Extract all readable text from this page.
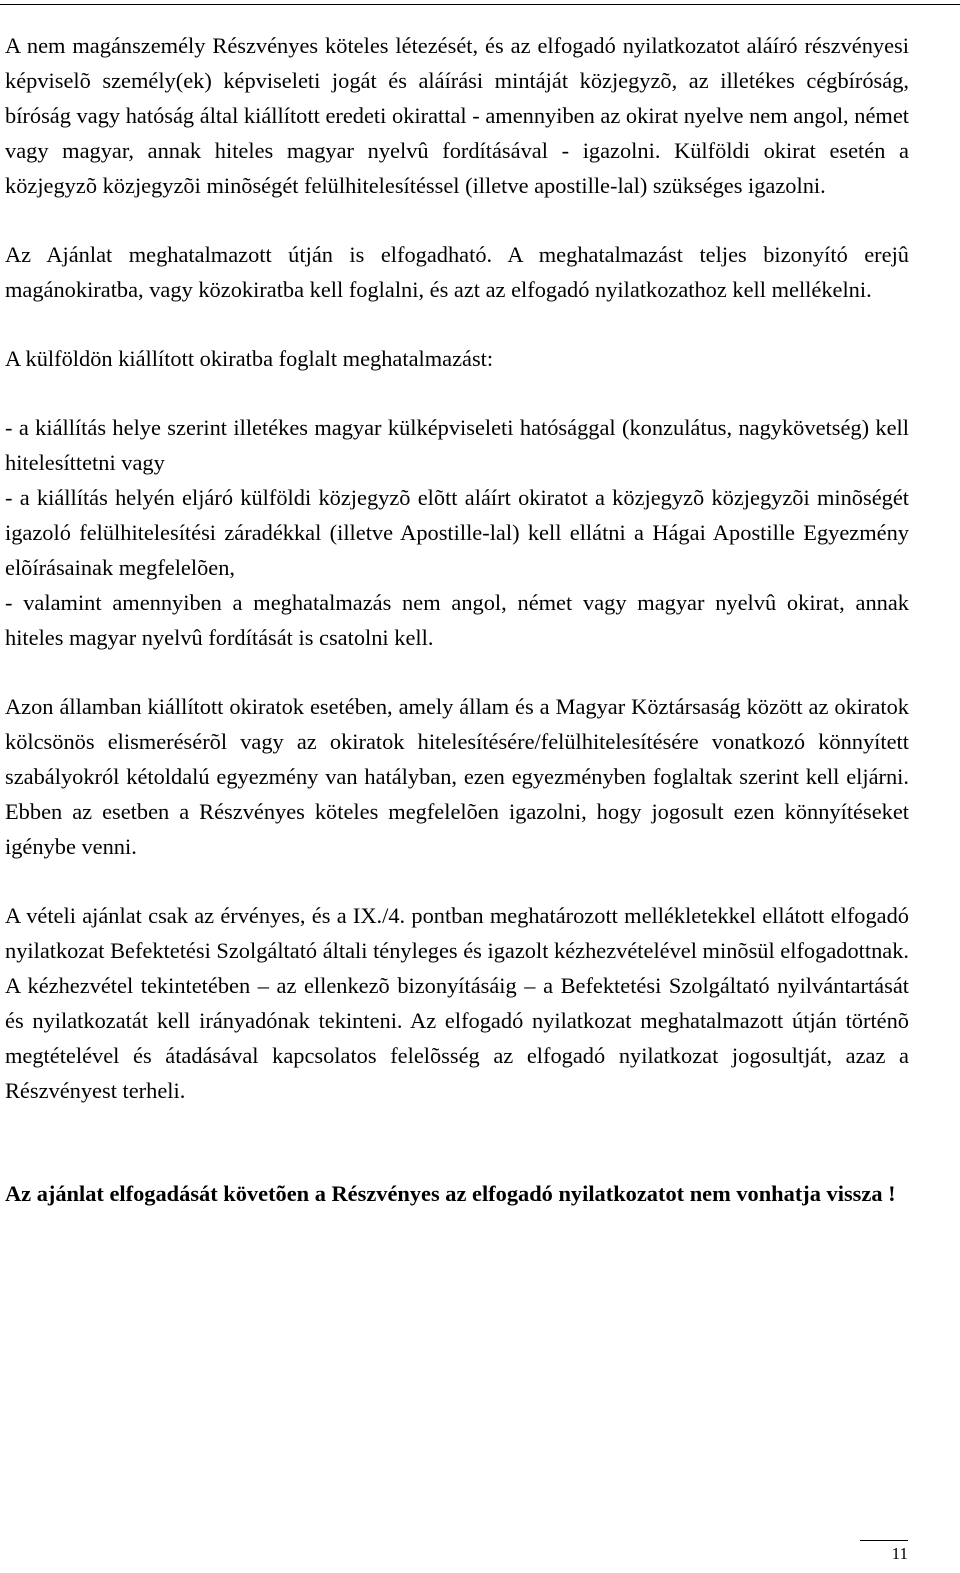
A nem magánszemély Részvényes köteles létezését, és az elfogadó nyilatkozatot aláíró részvényesi képviselõ személy(ek) képviseleti jogát és aláírási mintáját közjegyzõ, az illetékes cégbíróság, bíróság vagy hatóság által kiállított eredeti okirattal - amennyiben az okirat nyelve nem angol, német vagy magyar, annak hiteles magyar nyelvû fordításával - igazolni. Külföldi okirat esetén a közjegyzõ közjegyzõi minõségét felülhitelesítéssel (illetve apostille-lal) szükséges igazolni.

Az Ajánlat meghatalmazott útján is elfogadható. A meghatalmazást teljes bizonyító erejû magánokiratba, vagy közokiratba kell foglalni, és azt az elfogadó nyilatkozathoz kell mellékelni.

A külföldön kiállított okiratba foglalt meghatalmazást:

- a kiállítás helye szerint illetékes magyar külképviseleti hatósággal (konzulátus, nagykövetség) kell hitelesíttetni vagy

- a kiállítás helyén eljáró külföldi közjegyzõ elõtt aláírt okiratot a közjegyzõ közjegyzõi minõségét igazoló felülhitelesítési záradékkal (illetve Apostille-lal) kell ellátni a Hágai Apostille Egyezmény elõírásainak megfelelõen,

- valamint amennyiben a meghatalmazás nem angol, német vagy magyar nyelvû okirat, annak hiteles magyar nyelvû fordítását is csatolni kell.

Azon államban kiállított okiratok esetében, amely állam és a Magyar Köztársaság között az okiratok kölcsönös elismerésérõl vagy az okiratok hitelesítésére/felülhitelesítésére vonatkozó könnyített szabályokról kétoldalú egyezmény van hatályban, ezen egyezményben foglaltak szerint kell eljárni. Ebben az esetben a Részvényes köteles megfelelõen igazolni, hogy jogosult ezen könnyítéseket igénybe venni.

A vételi ajánlat csak az érvényes, és a IX./4. pontban meghatározott mellékletekkel ellátott elfogadó nyilatkozat Befektetési Szolgáltató általi tényleges és igazolt kézhezvételével minõsül elfogadottnak. A kézhezvétel tekintetében – az ellenkezõ bizonyításáig – a Befektetési Szolgáltató nyilvántartását és nyilatkozatát kell irányadónak tekinteni. Az elfogadó nyilatkozat meghatalmazott útján történõ megtételével és átadásával kapcsolatos felelõsség az elfogadó nyilatkozat jogosultját, azaz a Részvényest terheli.

Az ajánlat elfogadását követõen a Részvényes az elfogadó nyilatkozatot nem vonhatja vissza !

11
